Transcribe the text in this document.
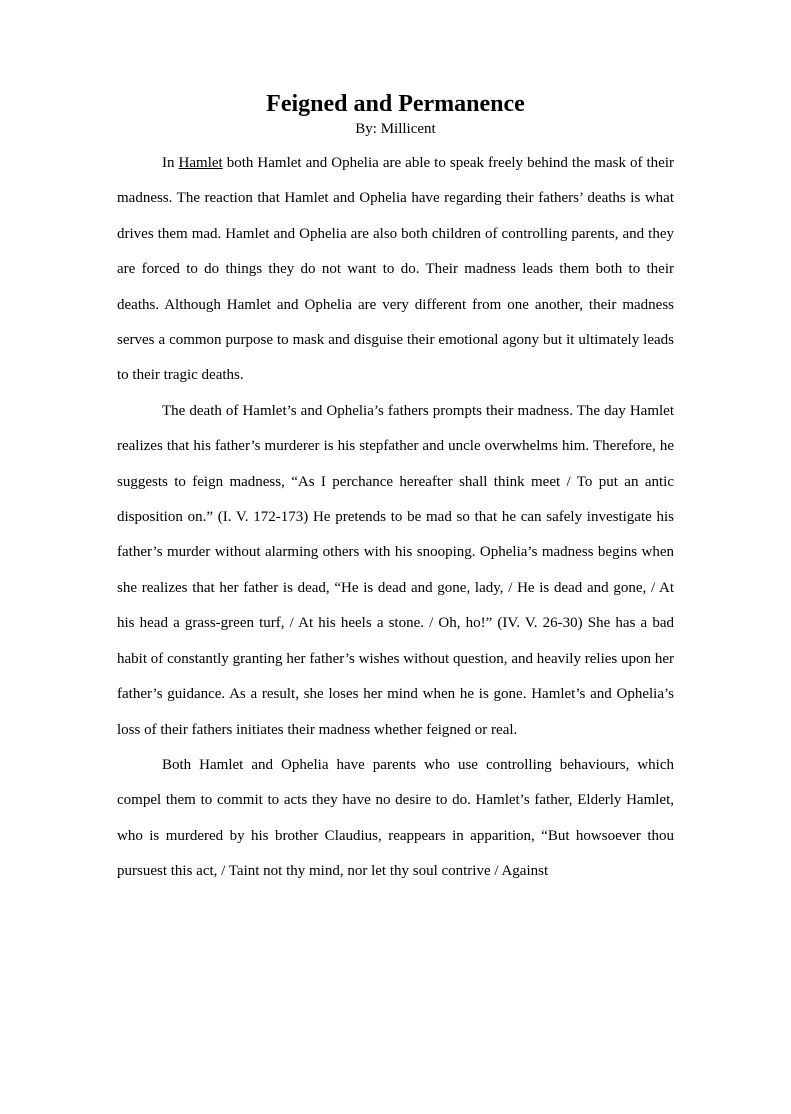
Feigned and Permanence
By: Millicent

In Hamlet both Hamlet and Ophelia are able to speak freely behind the mask of their madness. The reaction that Hamlet and Ophelia have regarding their fathers’ deaths is what drives them mad. Hamlet and Ophelia are also both children of controlling parents, and they are forced to do things they do not want to do. Their madness leads them both to their deaths. Although Hamlet and Ophelia are very different from one another, their madness serves a common purpose to mask and disguise their emotional agony but it ultimately leads to their tragic deaths.

The death of Hamlet’s and Ophelia’s fathers prompts their madness. The day Hamlet realizes that his father’s murderer is his stepfather and uncle overwhelms him. Therefore, he suggests to feign madness, “As I perchance hereafter shall think meet / To put an antic disposition on.” (I. V. 172-173) He pretends to be mad so that he can safely investigate his father’s murder without alarming others with his snooping. Ophelia’s madness begins when she realizes that her father is dead, “He is dead and gone, lady, / He is dead and gone, / At his head a grass-green turf, / At his heels a stone. / Oh, ho!” (IV. V. 26-30) She has a bad habit of constantly granting her father’s wishes without question, and heavily relies upon her father’s guidance. As a result, she loses her mind when he is gone. Hamlet’s and Ophelia’s loss of their fathers initiates their madness whether feigned or real.

Both Hamlet and Ophelia have parents who use controlling behaviours, which compel them to commit to acts they have no desire to do. Hamlet’s father, Elderly Hamlet, who is murdered by his brother Claudius, reappears in apparition, “But howsoever thou pursuest this act, / Taint not thy mind, nor let thy soul contrive / Against
